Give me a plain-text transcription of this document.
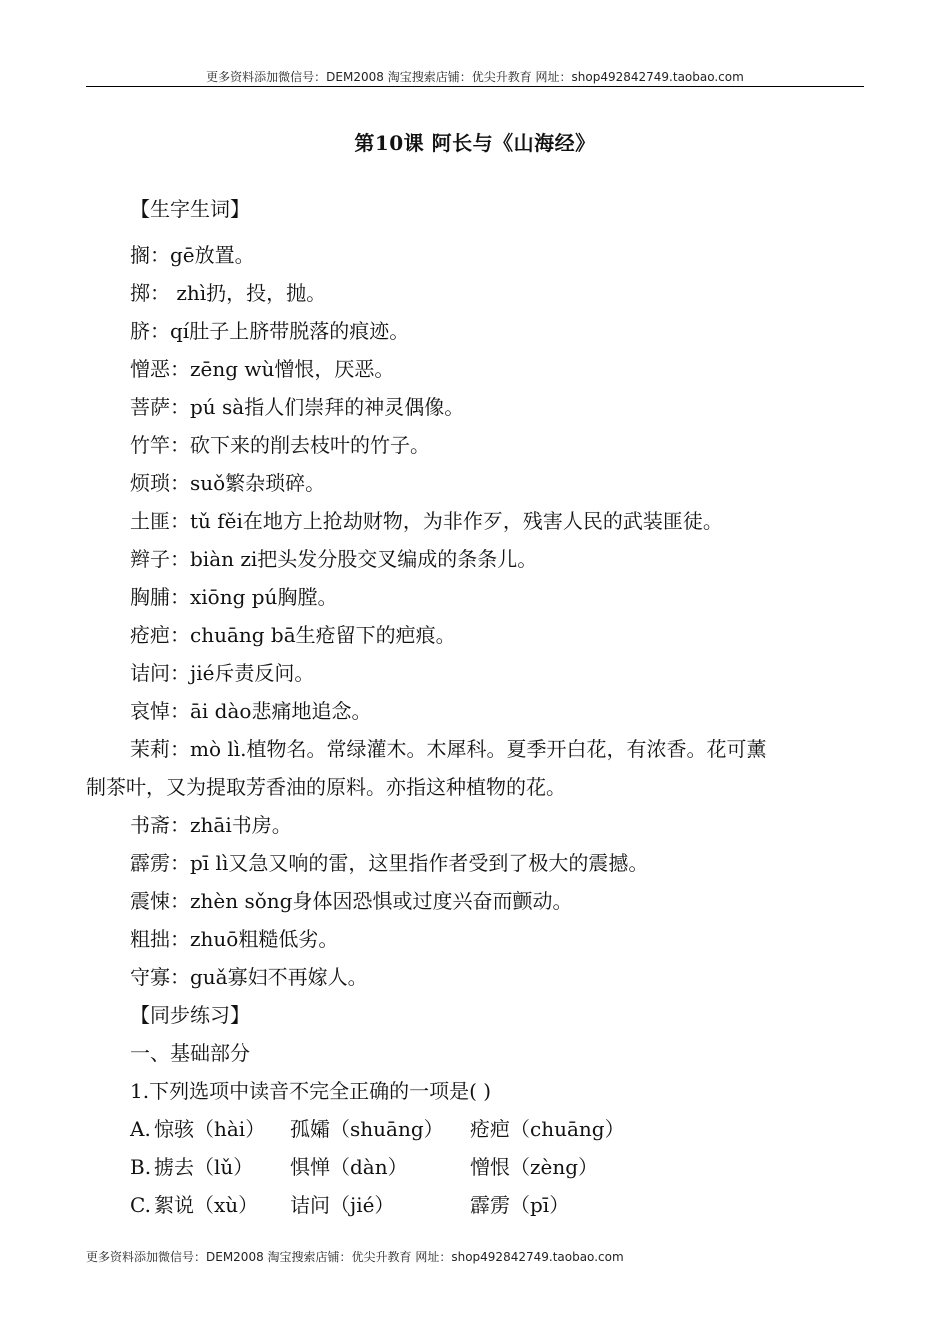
更多资料添加微信号：DEM2008 淘宝搜索店铺：优尖升教育 网址：shop492842749.taobao.com
第10课 阿长与《山海经》
【生字生词】
搁：gē放置。
掷： zhì扔，投，抛。
脐：qí肚子上脐带脱落的痕迹。
憎恶：zēng wù憎恨，厌恶。
菩萨：pú sà指人们崇拜的神灵偶像。
竹竿：砍下来的削去枝叶的竹子。
烦琐：suǒ繁杂琐碎。
土匪：tǔ fěi在地方上抢劫财物，为非作歹，残害人民的武装匪徒。
辫子：biàn zi把头发分股交叉编成的条条儿。
胸脯：xiōng pú胸膛。
疮疤：chuāng bā生疮留下的疤痕。
诘问：jié斥责反问。
哀悼：āi dào悲痛地追念。
茉莉：mò lì.植物名。常绿灌木。木犀科。夏季开白花，有浓香。花可薰
制茶叶，又为提取芳香油的原料。亦指这种植物的花。
书斋：zhāi书房。
霹雳：pī lì又急又响的雷，这里指作者受到了极大的震撼。
震悚：zhèn sǒng身体因恐惧或过度兴奋而颤动。
粗拙：zhuō粗糙低劣。
守寡：guǎ寡妇不再嫁人。
【同步练习】
一、基础部分
1.下列选项中读音不完全正确的一项是( )
A. 惊骇（hài） 孤孀（shuāng） 疮疤（chuāng）
B. 掳去（lǔ） 惧惮（dàn）	憎恨（zèng）
C. 絮说（xù） 诘问（jié）	霹雳（pī）
更多资料添加微信号：DEM2008 淘宝搜索店铺：优尖升教育 网址：shop492842749.taobao.com
